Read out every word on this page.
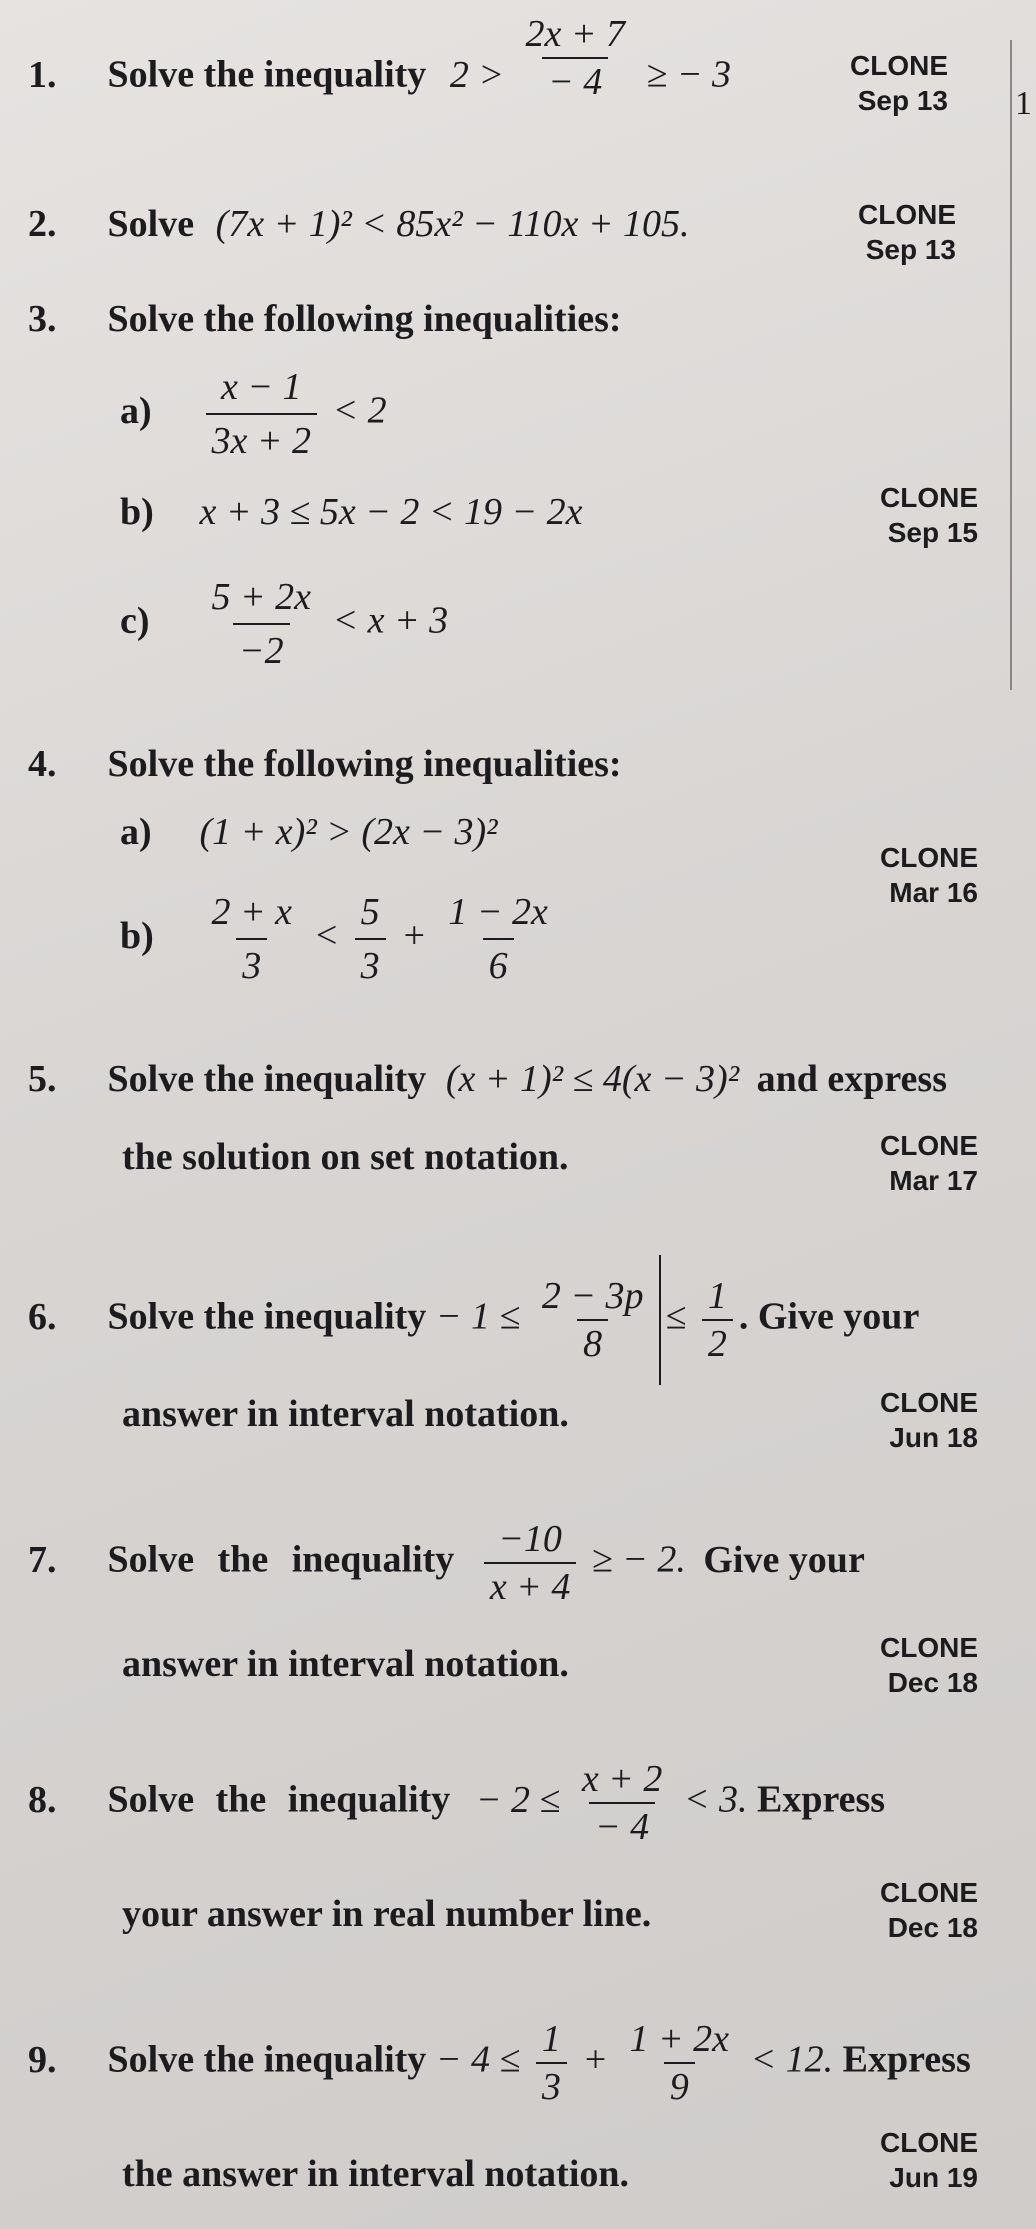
1
1. Solve the inequality $2 > \frac{2x + 7}{- 4}$ ≥ − 3	CLONE
Sep 13
2. Solve (7x + 1)² < 85x² − 110x + 105.	CLONE
Sep 13
3. Solve the following inequalities:
$a) \frac{x - 1}{3x + 2} < 2$
b) x + 3 ≤ 5x − 2 < 19 − 2x	CLONE
Sep 15
$c) \frac{5 + 2x}{-2} < x + 3$
4. Solve the following inequalities:
a) (1 + x)² > (2x − 3)²
CLONE
Mar 16
$b) \frac{2 + x}{3} < \frac{5}{3} + \frac{1 - 2x}{6}$
5. Solve the inequality (x + 1)² ≤ 4(x − 3)² and express
the solution on set notation.	CLONE
Mar 17
6. Solve the inequality − $1 \le \frac{2 - 3p}{8} \le \frac{1}{2}$ . Give your
answer in interval notation.	CLONE
Jun 18
7. Solve the inequality $\frac{-10}{x + 4}$ ≥ − 2. Give your
answer in interval notation.	CLONE
Dec 18
8. Solve the inequality − $2 \le \frac{x + 2}{- 4} < 3$. Express
your answer in real number line.
CLONE
Dec 18
9. Solve the inequality − $4 \le \frac{1}{3} + \frac{1 + 2x}{9} < 12$. Express
the answer in interval notation.
CLONE
Jun 19
